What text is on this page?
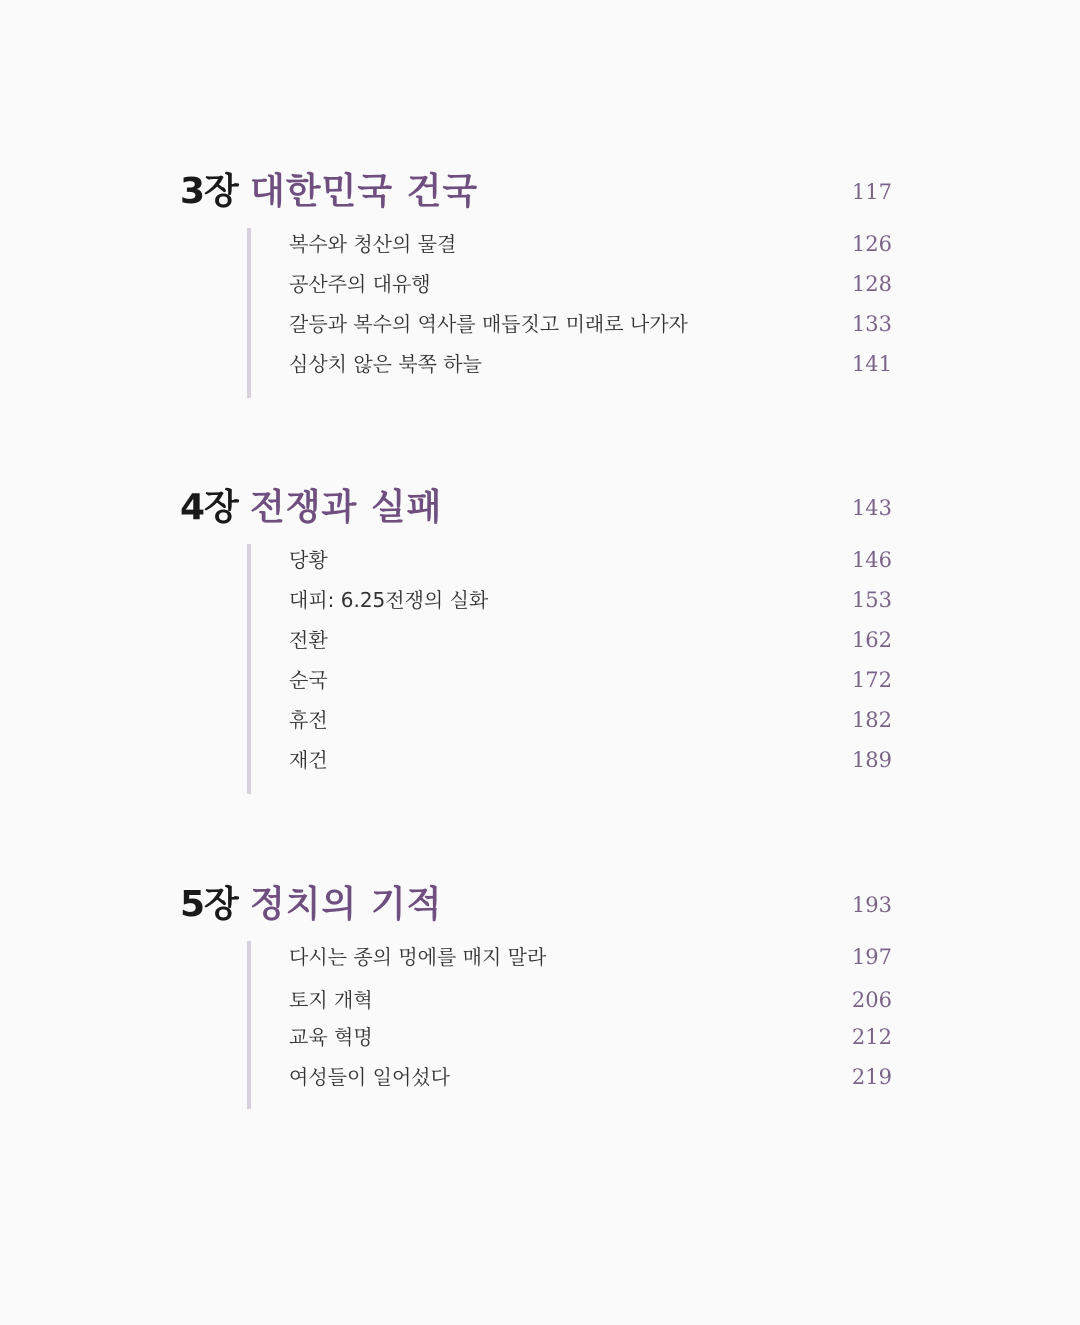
3장 대한민국 건국	117
복수와 청산의 물결	126
공산주의 대유행	128
갈등과 복수의 역사를 매듭짓고 미래로 나가자	133
심상치 않은 북쪽 하늘	141
4장 전쟁과 실패	143
당황	146
대피: 6.25전쟁의 실화	153
전환	162
순국	172
휴전	182
재건	189
5장 정치의 기적	193
다시는 종의 멍에를 매지 말라	197
토지 개혁	206
교육 혁명	212
여성들이 일어섰다	219
